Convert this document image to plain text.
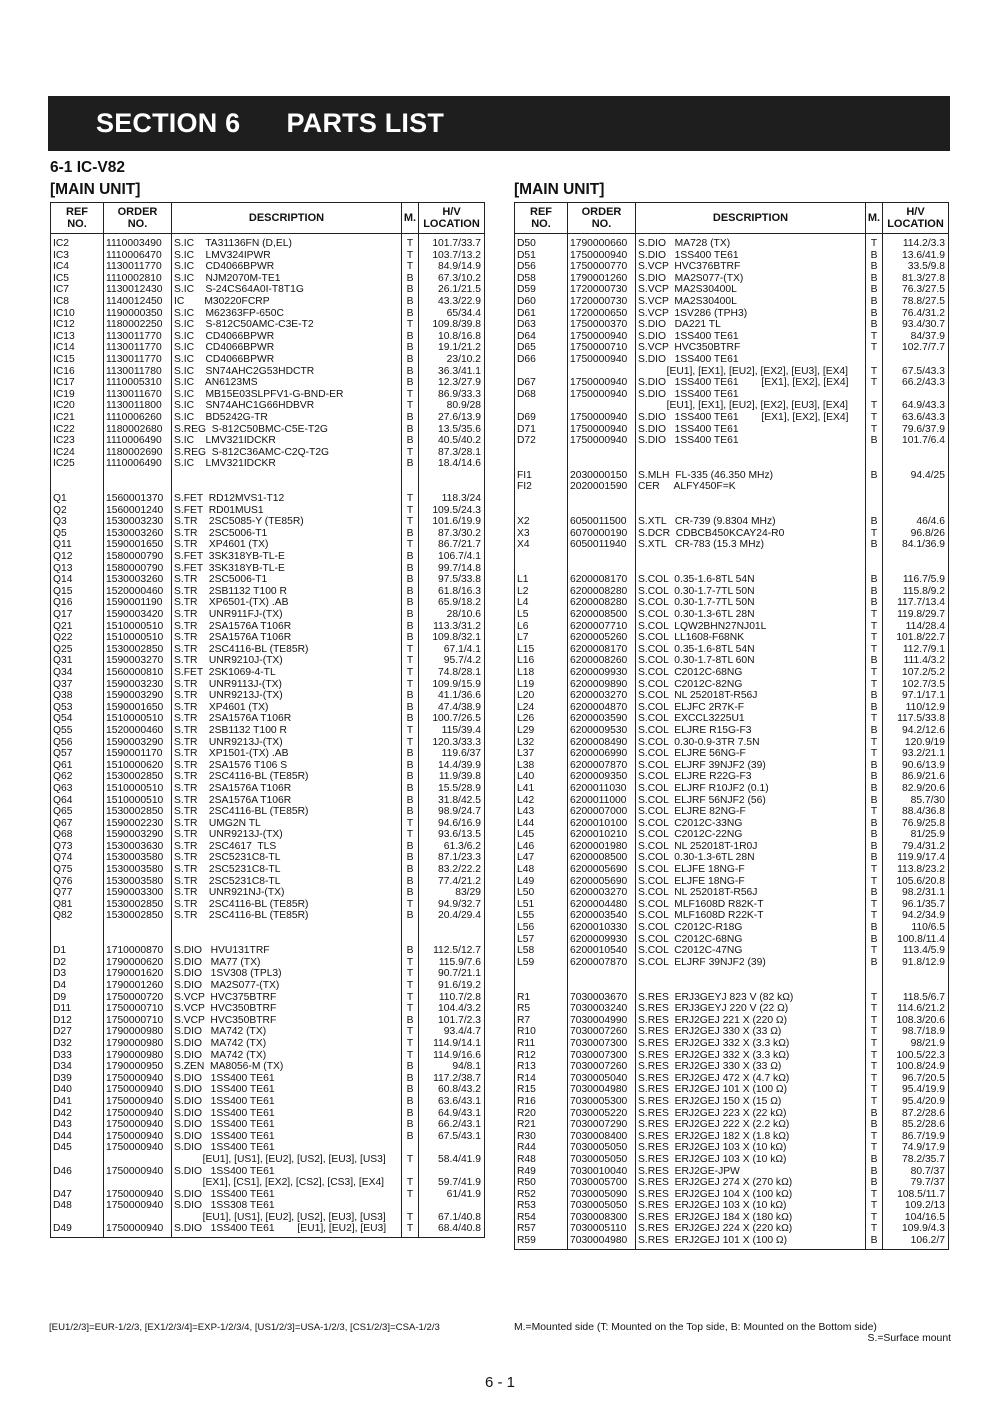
SECTION 6      PARTS LIST
6-1 IC-V82
[MAIN UNIT]	[MAIN UNIT]
REF
NO.	ORDER
NO.	DESCRIPTION	M.	H/V
LOCATION
IC2	1110003490	S.IC    TA31136FN (D,EL)	T	101.7/33.7
IC3	1110006470	S.IC    LMV324IPWR	T	103.7/13.2
IC4	1130011770	S.IC    CD4066BPWR	T	84.9/14.9
IC5	1110002810	S.IC    NJM2070M-TE1	B	67.3/10.2
IC7	1130012430	S.IC    S-24CS64A0I-T8T1G	B	26.1/21.5
IC8	1140012450	IC       M30220FCRP	B	43.3/22.9
IC10	1190000350	S.IC    M62363FP-650C	B	65/34.4
IC12	1180002250	S.IC    S-812C50AMC-C3E-T2	T	109.8/39.8
IC13	1130011770	S.IC    CD4066BPWR	B	10.8/16.8
IC14	1130011770	S.IC    CD4066BPWR	B	19.1/21.2
IC15	1130011770	S.IC    CD4066BPWR	B	23/10.2
IC16	1130011780	S.IC    SN74AHC2G53HDCTR	B	36.3/41.1
IC17	1110005310	S.IC    AN6123MS	B	12.3/27.9
IC19	1130011670	S.IC    MB15E03SLPFV1-G-BND-ER	T	86.9/33.3
IC20	1130011800	S.IC    SN74AHC1G66HDBVR	T	80.9/28
IC21	1110006260	S.IC    BD5242G-TR	B	27.6/13.9
IC22	1180002680	S.REG  S-812C50BMC-C5E-T2G	B	13.5/35.6
IC23	1110006490	S.IC    LMV321IDCKR	B	40.5/40.2
IC24	1180002690	S.REG  S-812C36AMC-C2Q-T2G	T	87.3/28.1
IC25	1110006490	S.IC    LMV321IDCKR	B	18.4/14.6

Q1	1560001370	S.FET  RD12MVS1-T12	T	118.3/24
Q2	1560001240	S.FET  RD01MUS1	T	109.5/24.3
Q3	1530003230	S.TR    2SC5085-Y (TE85R)	T	101.6/19.9
Q5	1530003260	S.TR    2SC5006-T1	B	87.3/30.2
Q11	1590001650	S.TR    XP4601 (TX)	T	86.7/21.7
Q12	1580000790	S.FET  3SK318YB-TL-E	B	106.7/4.1
Q13	1580000790	S.FET  3SK318YB-TL-E	B	99.7/14.8
Q14	1530003260	S.TR    2SC5006-T1	B	97.5/33.8
Q15	1520000460	S.TR    2SB1132 T100 R	B	61.8/16.3
Q16	1590001190	S.TR    XP6501-(TX) .AB	B	65.9/18.2
Q17	1590003420	S.TR    UNR911FJ-(TX)	B	28/10.6
Q21	1510000510	S.TR    2SA1576A T106R	B	113.3/31.2
Q22	1510000510	S.TR    2SA1576A T106R	B	109.8/32.1
Q25	1530002850	S.TR    2SC4116-BL (TE85R)	T	67.1/4.1
Q31	1590003270	S.TR    UNR9210J-(TX)	T	95.7/4.2
Q34	1560000810	S.FET  2SK1069-4-TL	T	74.8/28.1
Q37	1590003230	S.TR    UNR9113J-(TX)	T	109.9/15.9
Q38	1590003290	S.TR    UNR9213J-(TX)	B	41.1/36.6
Q53	1590001650	S.TR    XP4601 (TX)	B	47.4/38.9
Q54	1510000510	S.TR    2SA1576A T106R	B	100.7/26.5
Q55	1520000460	S.TR    2SB1132 T100 R	T	115/39.4
Q56	1590003290	S.TR    UNR9213J-(TX)	T	120.3/33.3
Q57	1590001170	S.TR    XP1501-(TX) .AB	B	119.6/37
Q61	1510000620	S.TR    2SA1576 T106 S	B	14.4/39.9
Q62	1530002850	S.TR    2SC4116-BL (TE85R)	B	11.9/39.8
Q63	1510000510	S.TR    2SA1576A T106R	B	15.5/28.9
Q64	1510000510	S.TR    2SA1576A T106R	B	31.8/42.5
Q65	1530002850	S.TR    2SC4116-BL (TE85R)	B	98.9/24.7
Q67	1590002230	S.TR    UMG2N TL	T	94.6/16.9
Q68	1590003290	S.TR    UNR9213J-(TX)	T	93.6/13.5
Q73	1530003630	S.TR    2SC4617  TLS	B	61.3/6.2
Q74	1530003580	S.TR    2SC5231C8-TL	B	87.1/23.3
Q75	1530003580	S.TR    2SC5231C8-TL	B	83.2/22.2
Q76	1530003580	S.TR    2SC5231C8-TL	B	77.4/21.2
Q77	1590003300	S.TR    UNR921NJ-(TX)	B	83/29
Q81	1530002850	S.TR    2SC4116-BL (TE85R)	T	94.9/32.7
Q82	1530002850	S.TR    2SC4116-BL (TE85R)	B	20.4/29.4

D1	1710000870	S.DIO   HVU131TRF	B	112.5/12.7
D2	1790000620	S.DIO   MA77 (TX)	T	115.9/7.6
D3	1790001620	S.DIO   1SV308 (TPL3)	T	90.7/21.1
D4	1790001260	S.DIO   MA2S077-(TX)	T	91.6/19.2
D9	1750000720	S.VCP  HVC375BTRF	T	110.7/2.8
D11	1750000710	S.VCP  HVC350BTRF	T	104.4/3.2
D12	1750000710	S.VCP  HVC350BTRF	B	101.7/2.3
D27	1790000980	S.DIO   MA742 (TX)	T	93.4/4.7
D32	1790000980	S.DIO   MA742 (TX)	T	114.9/14.1
D33	1790000980	S.DIO   MA742 (TX)	T	114.9/16.6
D34	1790000950	S.ZEN  MA8056-M (TX)	B	94/8.1
D39	1750000940	S.DIO   1SS400 TE61	B	117.2/38.7
D40	1750000940	S.DIO   1SS400 TE61	B	60.8/43.2
D41	1750000940	S.DIO   1SS400 TE61	B	63.6/43.1
D42	1750000940	S.DIO   1SS400 TE61	B	64.9/43.1
D43	1750000940	S.DIO   1SS400 TE61	B	66.2/43.1
D44	1750000940	S.DIO   1SS400 TE61	B	67.5/43.1
D45	1750000940	S.DIO   1SS400 TE61		
		[EU1], [US1], [EU2], [US2], [EU3], [US3]	T	58.4/41.9
D46	1750000940	S.DIO   1SS400 TE61		
		[EX1], [CS1], [EX2], [CS2], [CS3], [EX4]	T	59.7/41.9
D47	1750000940	S.DIO   1SS400 TE61	T	61/41.9
D48	1750000940	S.DIO   1SS308 TE61		
		[EU1], [US1], [EU2], [US2], [EU3], [US3]	T	67.1/40.8
D49	1750000940	S.DIO   1SS400 TE61        [EU1], [EU2], [EU3]	T	68.4/40.8
REF
NO.	ORDER
NO.	DESCRIPTION	M.	H/V
LOCATION
D50	1790000660	S.DIO   MA728 (TX)	T	114.2/3.3
D51	1750000940	S.DIO   1SS400 TE61	B	13.6/41.9
D56	1750000770	S.VCP  HVC376BTRF	B	33.5/9.8
D58	1790001260	S.DIO   MA2S077-(TX)	B	81.3/27.8
D59	1720000730	S.VCP  MA2S30400L	B	76.3/27.5
D60	1720000730	S.VCP  MA2S30400L	B	78.8/27.5
D61	1720000650	S.VCP  1SV286 (TPH3)	B	76.4/31.2
D63	1750000370	S.DIO   DA221 TL	B	93.4/30.7
D64	1750000940	S.DIO   1SS400 TE61	T	84/37.9
D65	1750000710	S.VCP  HVC350BTRF	T	102.7/7.7
D66	1750000940	S.DIO   1SS400 TE61		
		[EU1], [EX1], [EU2], [EX2], [EU3], [EX4]	T	67.5/43.3
D67	1750000940	S.DIO   1SS400 TE61        [EX1], [EX2], [EX4]	T	66.2/43.3
D68	1750000940	S.DIO   1SS400 TE61		
		[EU1], [EX1], [EU2], [EX2], [EU3], [EX4]	T	64.9/43.3
D69	1750000940	S.DIO   1SS400 TE61        [EX1], [EX2], [EX4]	T	63.6/43.3
D71	1750000940	S.DIO   1SS400 TE61	T	79.6/37.9
D72	1750000940	S.DIO   1SS400 TE61	B	101.7/6.4

FI1	2030000150	S.MLH  FL-335 (46.350 MHz)	B	94.4/25
FI2	2020001590	CER     ALFY450F=K		

X2	6050011500	S.XTL   CR-739 (9.8304 MHz)	B	46/4.6
X3	6070000190	S.DCR  CDBCB450KCAY24-R0	T	96.8/26
X4	6050011940	S.XTL   CR-783 (15.3 MHz)	B	84.1/36.9

L1	6200008170	S.COL  0.35-1.6-8TL 54N	B	116.7/5.9
L2	6200008280	S.COL  0.30-1.7-7TL 50N	B	115.8/9.2
L4	6200008280	S.COL  0.30-1.7-7TL 50N	B	117.7/13.4
L5	6200008500	S.COL  0.30-1.3-6TL 28N	T	119.8/29.7
L6	6200007710	S.COL  LQW2BHN27NJ01L	T	114/28.4
L7	6200005260	S.COL  LL1608-F68NK	T	101.8/22.7
L15	6200008170	S.COL  0.35-1.6-8TL 54N	T	112.7/9.1
L16	6200008260	S.COL  0.30-1.7-8TL 60N	B	111.4/3.2
L18	6200009930	S.COL  C2012C-68NG	T	107.2/5.2
L19	6200009890	S.COL  C2012C-82NG	T	102.7/3.5
L20	6200003270	S.COL  NL 252018T-R56J	B	97.1/17.1
L24	6200004870	S.COL  ELJFC 2R7K-F	B	110/12.9
L26	6200003590	S.COL  EXCCL3225U1	T	117.5/33.8
L29	6200009530	S.COL  ELJRE R15G-F3	B	94.2/12.6
L32	6200008490	S.COL  0.30-0.9-3TR 7.5N	T	120.9/19
L37	6200006990	S.COL  ELJRE 56NG-F	T	93.2/21.1
L38	6200007870	S.COL  ELJRF 39NJF2 (39)	B	90.6/13.9
L40	6200009350	S.COL  ELJRE R22G-F3	B	86.9/21.6
L41	6200011030	S.COL  ELJRF R10JF2 (0.1)	B	82.9/20.6
L42	6200011000	S.COL  ELJRF 56NJF2 (56)	B	85.7/30
L43	6200007000	S.COL  ELJRE 82NG-F	T	88.4/36.8
L44	6200010100	S.COL  C2012C-33NG	B	76.9/25.8
L45	6200010210	S.COL  C2012C-22NG	B	81/25.9
L46	6200001980	S.COL  NL 252018T-1R0J	B	79.4/31.2
L47	6200008500	S.COL  0.30-1.3-6TL 28N	B	119.9/17.4
L48	6200005690	S.COL  ELJFE 18NG-F	T	113.8/23.2
L49	6200005690	S.COL  ELJFE 18NG-F	T	105.6/20.8
L50	6200003270	S.COL  NL 252018T-R56J	B	98.2/31.1
L51	6200004480	S.COL  MLF1608D R82K-T	T	96.1/35.7
L55	6200003540	S.COL  MLF1608D R22K-T	T	94.2/34.9
L56	6200010330	S.COL  C2012C-R18G	B	110/6.5
L57	6200009930	S.COL  C2012C-68NG	B	100.8/11.4
L58	6200010540	S.COL  C2012C-47NG	T	113.4/5.9
L59	6200007870	S.COL  ELJRF 39NJF2 (39)	B	91.8/12.9

R1	7030003670	S.RES  ERJ3GEYJ 823 V (82 kΩ)	T	118.5/6.7
R5	7030003240	S.RES  ERJ3GEYJ 220 V (22 Ω)	T	114.6/21.2
R7	7030004990	S.RES  ERJ2GEJ 221 X (220 Ω)	T	108.3/20.6
R10	7030007260	S.RES  ERJ2GEJ 330 X (33 Ω)	T	98.7/18.9
R11	7030007300	S.RES  ERJ2GEJ 332 X (3.3 kΩ)	T	98/21.9
R12	7030007300	S.RES  ERJ2GEJ 332 X (3.3 kΩ)	T	100.5/22.3
R13	7030007260	S.RES  ERJ2GEJ 330 X (33 Ω)	T	100.8/24.9
R14	7030005040	S.RES  ERJ2GEJ 472 X (4.7 kΩ)	T	96.7/20.5
R15	7030004980	S.RES  ERJ2GEJ 101 X (100 Ω)	T	95.4/19.9
R16	7030005300	S.RES  ERJ2GEJ 150 X (15 Ω)	T	95.4/20.9
R20	7030005220	S.RES  ERJ2GEJ 223 X (22 kΩ)	B	87.2/28.6
R21	7030007290	S.RES  ERJ2GEJ 222 X (2.2 kΩ)	B	85.2/28.6
R30	7030008400	S.RES  ERJ2GEJ 182 X (1.8 kΩ)	T	86.7/19.9
R44	7030005050	S.RES  ERJ2GEJ 103 X (10 kΩ)	T	74.9/17.9
R48	7030005050	S.RES  ERJ2GEJ 103 X (10 kΩ)	B	78.2/35.7
R49	7030010040	S.RES  ERJ2GE-JPW	B	80.7/37
R50	7030005700	S.RES  ERJ2GEJ 274 X (270 kΩ)	B	79.7/37
R52	7030005090	S.RES  ERJ2GEJ 104 X (100 kΩ)	T	108.5/11.7
R53	7030005050	S.RES  ERJ2GEJ 103 X (10 kΩ)	T	109.2/13
R54	7030008300	S.RES  ERJ2GEJ 184 X (180 kΩ)	T	104/16.5
R57	7030005110	S.RES  ERJ2GEJ 224 X (220 kΩ)	T	109.9/4.3
R59	7030004980	S.RES  ERJ2GEJ 101 X (100 Ω)	B	106.2/7
[EU1/2/3]=EUR-1/2/3, [EX1/2/3/4]=EXP-1/2/3/4, [US1/2/3]=USA-1/2/3, [CS1/2/3]=CSA-1/2/3	M.=Mounted side (T: Mounted on the Top side, B: Mounted on the Bottom side)
S.=Surface mount
6 - 1
